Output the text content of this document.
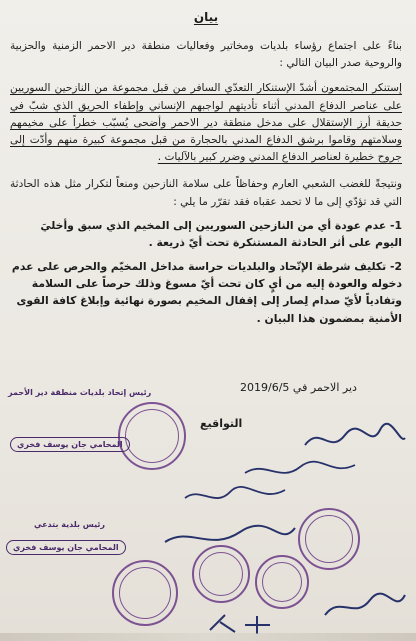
بيان

بناءً على اجتماع رؤساء بلديات ومخاتير وفعاليات منطقة دير الاحمر الزمنية والحزبية والروحية صدر البيان التالي :

إستنكر المجتمعون أشدّ الإستنكار التعدّي السافر من قبل مجموعة من النازحين السوريين على عناصر الدفاع المدني أثناء تأديتهم لواجبهم الإنساني وإطفاء الحريق الذي شبّ في حديقة أرز الإستقلال على مدخل منطقة دير الاحمر وأضحى يُسبّب خطراً على مخيمهم وسلامتهم وقاموا برشق الدفاع المدني بالحجارة من قبل مجموعة كبيرة منهم وأدّت إلى جروح خطيرة لعناصر الدفاع المدني وضرر كبير بالآليات .

ونتيجةً للغضب الشعبي العارم وحفاظاً على سلامة النازحين ومنعاً لتكرار مثل هذه الحادثة التي قد تؤدّي إلى ما لا تحمد عقباه فقد تقرّر ما يلي :

1- عدم عودة أي من النازحين السوريين إلى المخيم الذي سبق وأخليَ اليوم على أثر الحادثة المستنكرة تحت أيّ ذريعة .

2- تكليف شرطة الإتّحاد والبلديات حراسة مداخل المخيّم والحرص على عدم دخوله والعودة إليه من أيٍ كان تحت أيّ مسوغ وذلك حرصاً على السلامة وتفادياً لأيّ صدام لِصار إلى إقفال المخيم بصورة نهائية وإبلاغ كافة القوى الأمنية بمضمون هذا البيان .

دير الاحمر في 2019/6/5
التواقيع
رئيس إتحاد بلديات منطقة دير الأحمر
المحامي جان يوسف فخري
رئيس بلدية بتدعي
المحامي جان يوسف فخري
